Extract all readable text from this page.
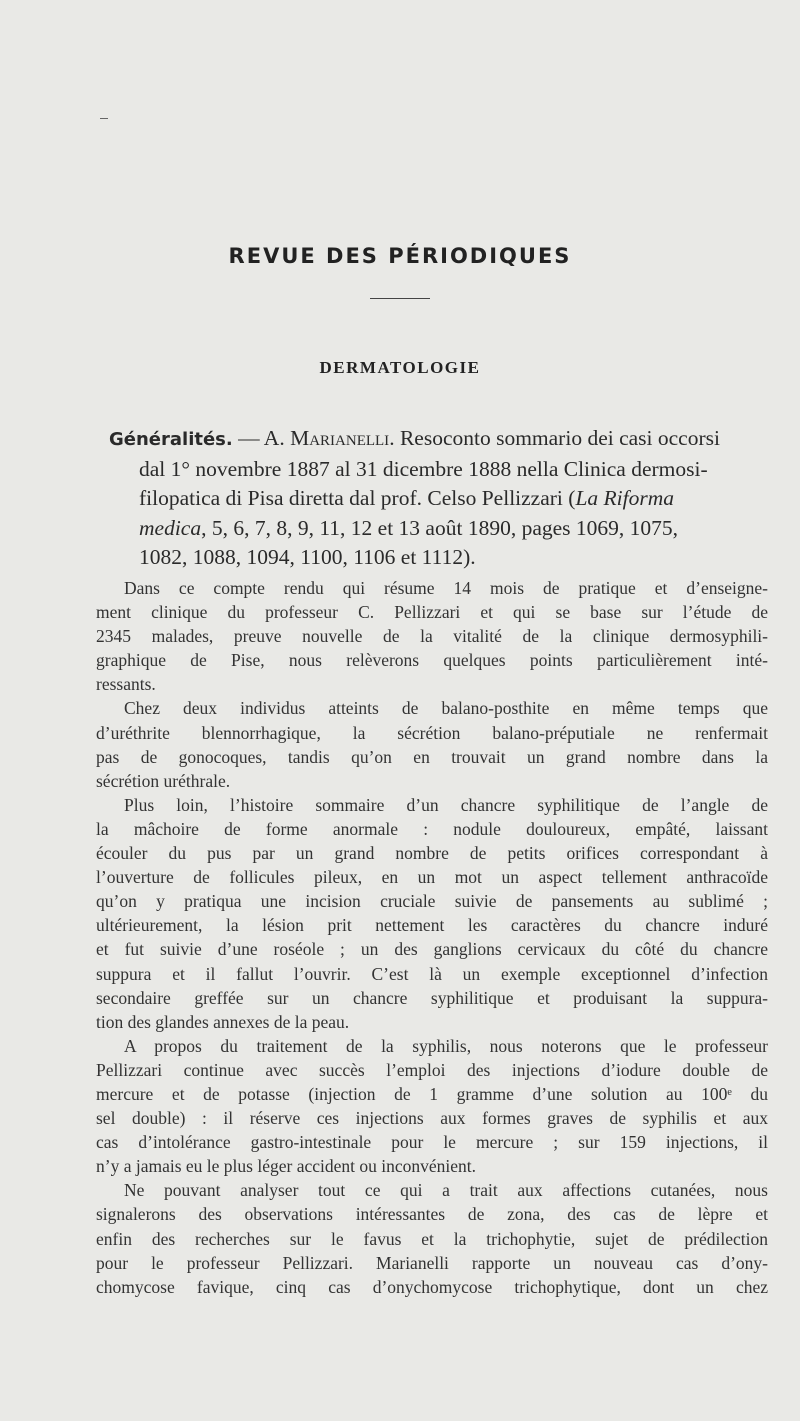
REVUE DES PÉRIODIQUES
DERMATOLOGIE
Généralités. — A. Marianelli. Resoconto sommario dei casi occorsi
dal 1° novembre 1887 al 31 dicembre 1888 nella Clinica dermosi-
filopatica di Pisa diretta dal prof. Celso Pellizzari (La Riforma
medica, 5, 6, 7, 8, 9, 11, 12 et 13 août 1890, pages 1069, 1075,
1082, 1088, 1094, 1100, 1106 et 1112).
Dans ce compte rendu qui résume 14 mois de pratique et d’enseigne-
ment clinique du professeur C. Pellizzari et qui se base sur l’étude de
2345 malades, preuve nouvelle de la vitalité de la clinique dermosyphili-
graphique de Pise, nous relèverons quelques points particulièrement inté-
ressants.
Chez deux individus atteints de balano-posthite en même temps que
d’uréthrite blennorrhagique, la sécrétion balano-préputiale ne renfermait
pas de gonocoques, tandis qu’on en trouvait un grand nombre dans la
sécrétion uréthrale.
Plus loin, l’histoire sommaire d’un chancre syphilitique de l’angle de
la mâchoire de forme anormale : nodule douloureux, empâté, laissant
écouler du pus par un grand nombre de petits orifices correspondant à
l’ouverture de follicules pileux, en un mot un aspect tellement anthracoïde
qu’on y pratiqua une incision cruciale suivie de pansements au sublimé ;
ultérieurement, la lésion prit nettement les caractères du chancre induré
et fut suivie d’une roséole ; un des ganglions cervicaux du côté du chancre
suppura et il fallut l’ouvrir. C’est là un exemple exceptionnel d’infection
secondaire greffée sur un chancre syphilitique et produisant la suppura-
tion des glandes annexes de la peau.
A propos du traitement de la syphilis, nous noterons que le professeur
Pellizzari continue avec succès l’emploi des injections d’iodure double de
mercure et de potasse (injection de 1 gramme d’une solution au 100ᵉ du
sel double) : il réserve ces injections aux formes graves de syphilis et aux
cas d’intolérance gastro-intestinale pour le mercure ; sur 159 injections, il
n’y a jamais eu le plus léger accident ou inconvénient.
Ne pouvant analyser tout ce qui a trait aux affections cutanées, nous
signalerons des observations intéressantes de zona, des cas de lèpre et
enfin des recherches sur le favus et la trichophytie, sujet de prédilection
pour le professeur Pellizzari. Marianelli rapporte un nouveau cas d’ony-
chomycose favique, cinq cas d’onychomycose trichophytique, dont un chez
